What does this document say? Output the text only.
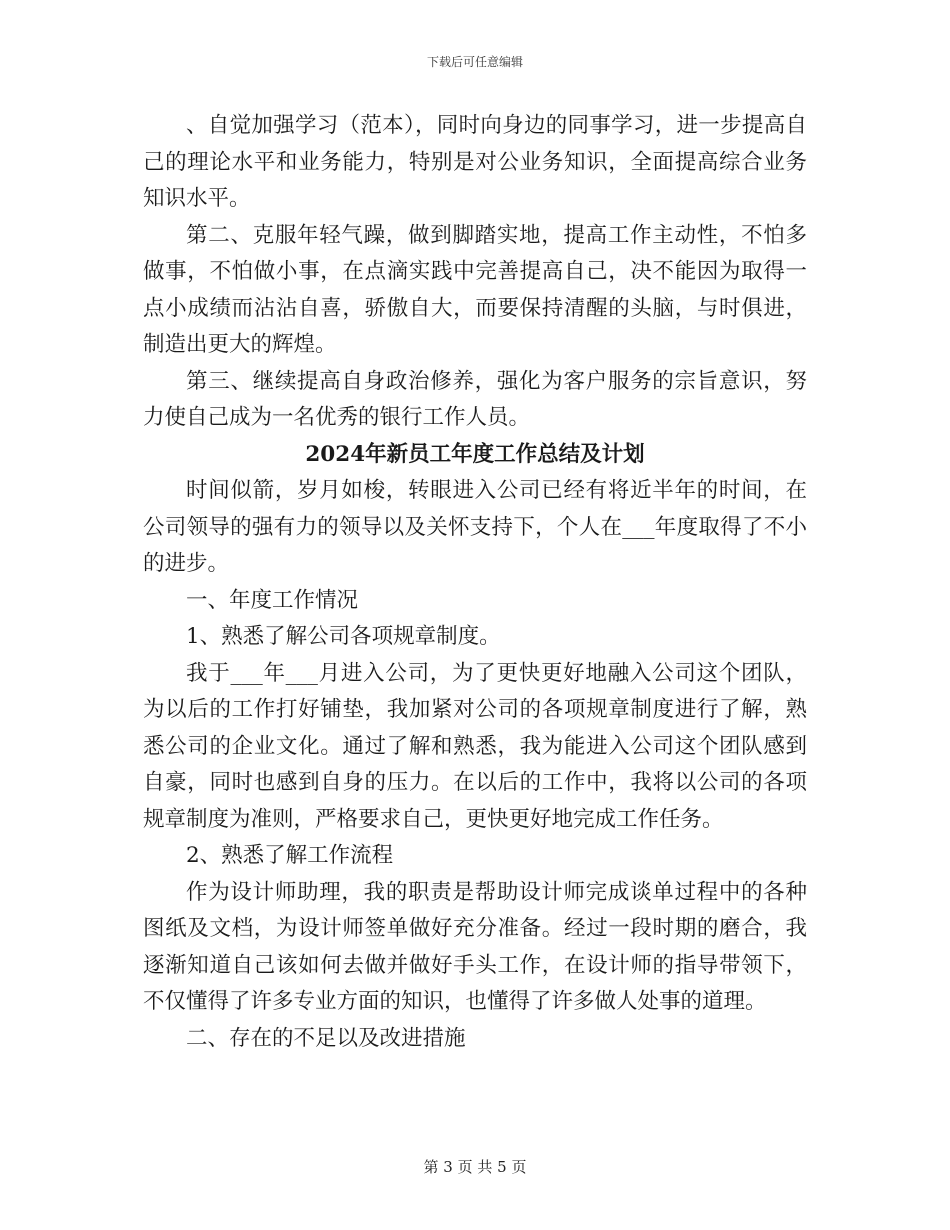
下载后可任意编辑

、自觉加强学习（范本），同时向身边的同事学习，进一步提高自己的理论水平和业务能力，特别是对公业务知识，全面提高综合业务知识水平。

第二、克服年轻气躁，做到脚踏实地，提高工作主动性，不怕多做事，不怕做小事，在点滴实践中完善提高自己，决不能因为取得一点小成绩而沾沾自喜，骄傲自大，而要保持清醒的头脑，与时俱进，制造出更大的辉煌。

第三、继续提高自身政治修养，强化为客户服务的宗旨意识，努力使自己成为一名优秀的银行工作人员。

2024年新员工年度工作总结及计划

时间似箭，岁月如梭，转眼进入公司已经有将近半年的时间，在公司领导的强有力的领导以及关怀支持下，个人在___年度取得了不小的进步。

一、年度工作情况

1、熟悉了解公司各项规章制度。

我于___年___月进入公司，为了更快更好地融入公司这个团队，为以后的工作打好铺垫，我加紧对公司的各项规章制度进行了解，熟悉公司的企业文化。通过了解和熟悉，我为能进入公司这个团队感到自豪，同时也感到自身的压力。在以后的工作中，我将以公司的各项规章制度为准则，严格要求自己，更快更好地完成工作任务。

2、熟悉了解工作流程

作为设计师助理，我的职责是帮助设计师完成谈单过程中的各种图纸及文档，为设计师签单做好充分准备。经过一段时期的磨合，我逐渐知道自己该如何去做并做好手头工作，在设计师的指导带领下，不仅懂得了许多专业方面的知识，也懂得了许多做人处事的道理。

二、存在的不足以及改进措施

第 3 页 共 5 页
